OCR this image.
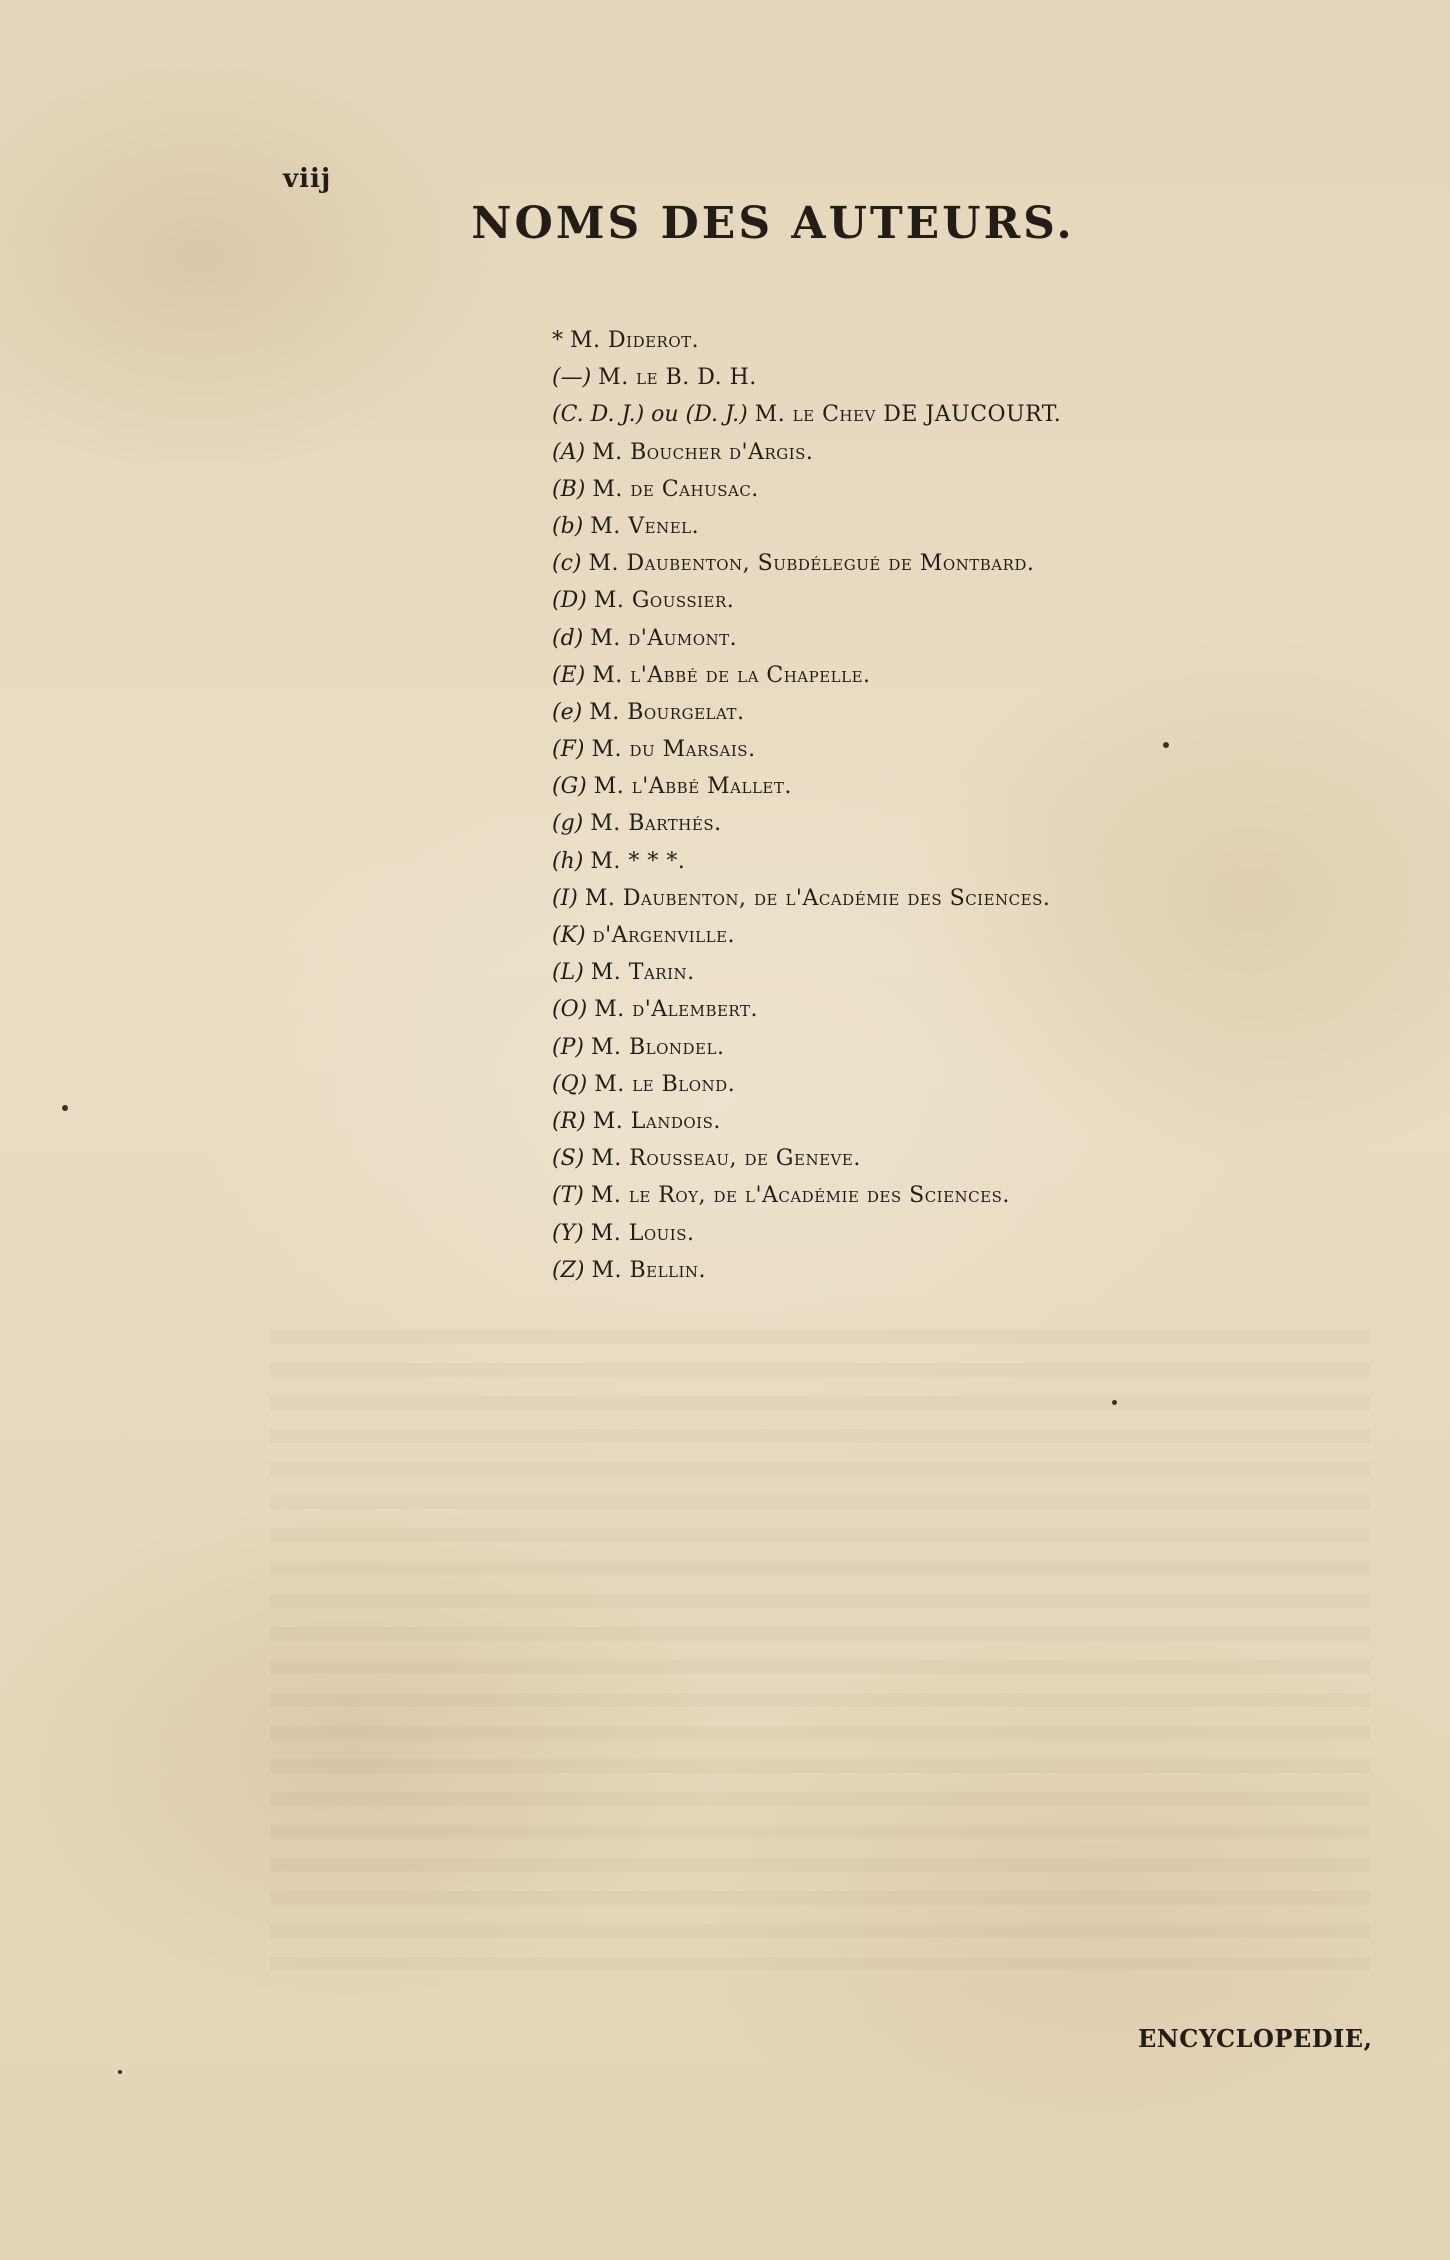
viij
NOMS DES AUTEURS.
* M. Diderot.
(—) M. le B. D. H.
(C. D. J.) ou (D. J.) M. le Chev DE JAUCOURT.
(A) M. Boucher d'Argis.
(B) M. de Cahusac.
(b) M. Venel.
(c) M. Daubenton, Subdélegué de Montbard.
(D) M. Goussier.
(d) M. d'Aumont.
(E) M. l'Abbé de la Chapelle.
(e) M. Bourgelat.
(F) M. du Marsais.
(G) M. l'Abbé Mallet.
(g) M. Barthés.
(h) M. * * *.
(I) M. Daubenton, de l'Académie des Sciences.
(K) d'Argenville.
(L) M. Tarin.
(O) M. d'Alembert.
(P) M. Blondel.
(Q) M. le Blond.
(R) M. Landois.
(S) M. Rousseau, de Geneve.
(T) M. le Roy, de l'Académie des Sciences.
(Y) M. Louis.
(Z) M. Bellin.
ENCYCLOPEDIE,
